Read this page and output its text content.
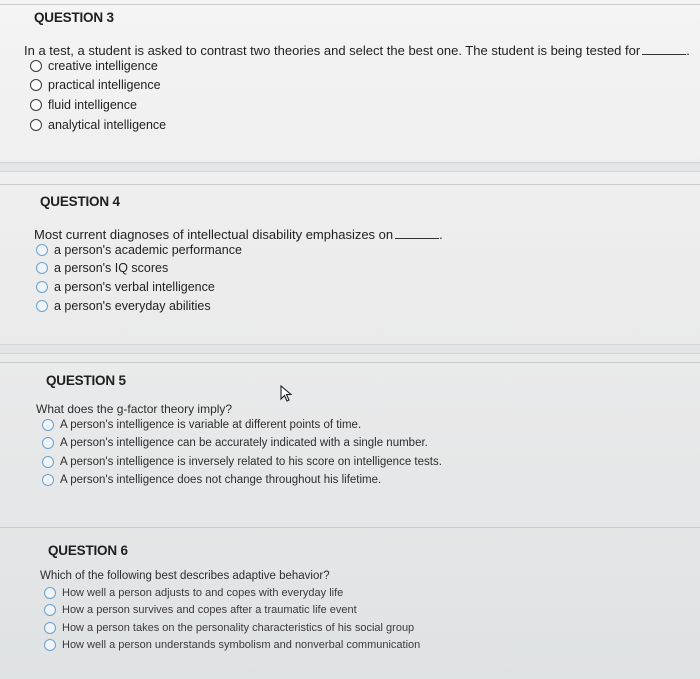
QUESTION 3
In a test, a student is asked to contrast two theories and select the best one. The student is being tested for	.
creative intelligence
practical intelligence
fluid intelligence
analytical intelligence
QUESTION 4
Most current diagnoses of intellectual disability emphasizes on	.
a person's academic performance
a person's IQ scores
a person's verbal intelligence
a person's everyday abilities
QUESTION 5
What does the g-factor theory imply?
A person's intelligence is variable at different points of time.
A person's intelligence can be accurately indicated with a single number.
A person's intelligence is inversely related to his score on intelligence tests.
A person's intelligence does not change throughout his lifetime.
QUESTION 6
Which of the following best describes adaptive behavior?
How well a person adjusts to and copes with everyday life
How a person survives and copes after a traumatic life event
How a person takes on the personality characteristics of his social group
How well a person understands symbolism and nonverbal communication
